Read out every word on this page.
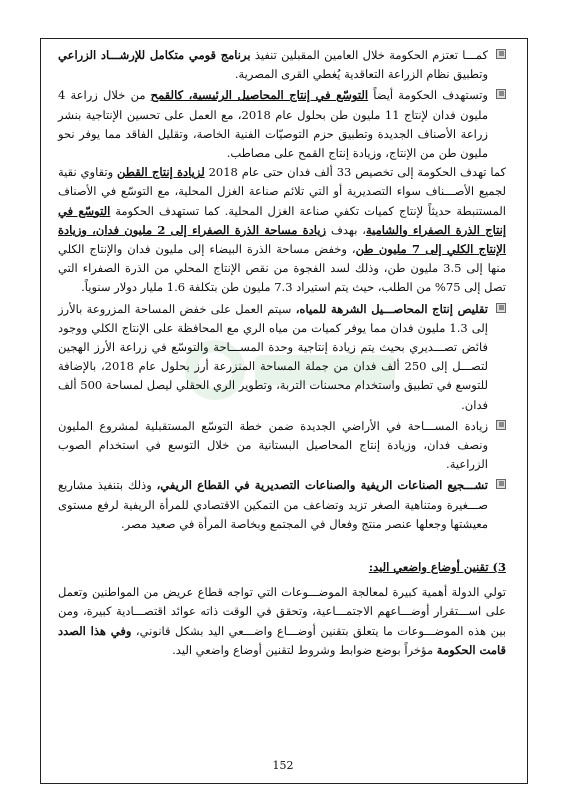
كمـــا تعتزم الحكومة خلال العامين المقبلين تنفيذ برنامج قومي متكامل للإرشـــاد الزراعي وتطبيق نظام الزراعة التعاقدية يُغطي القرى المصرية.

وتستهدف الحكومة أيضاً التوسّع في إنتاج المحاصيل الرئيسية، كالقمح من خلال زراعة 4 مليون فدان لإنتاج 11 مليون طن بحلول عام 2018، مع العمل على تحسين الإنتاجية بنشر زراعة الأصناف الجديدة وتطبيق حزم التوصيّات الفنية الخاصة، وتقليل الفاقد مما يوفر نحو مليون طن من الإنتاج، وزيادة إنتاج القمح على مصاطب.

كما تهدف الحكومة إلى تخصيص 33 ألف فدان حتى عام 2018 لزيادة إنتاج القطن وتقاوي نقية لجميع الأصـــناف سواء التصديرية أو التي تلائم صناعة الغزل المحلية، مع التوسّع في الأصناف المستنبطة حديثاً لإنتاج كميات تكفي صناعة الغزل المحلية. كما تستهدف الحكومة التوسّع في إنتاج الذرة الصفراء والشامية، بهدف زيادة مساحة الذرة الصفراء إلى 2 مليون فدان، وزيادة الإنتاج الكلي إلى 7 مليون طن، وخفض مساحة الذرة البيضاء إلى مليون فدان والإنتاج الكلي منها إلى 3.5 مليون طن، وذلك لسد الفجوة من نقص الإنتاج المحلي من الذرة الصفراء التي تصل إلى 75% من الطلب، حيث يتم استيراد 7.3 مليون طن بتكلفة 1.6 مليار دولار سنوياً.

تقليص إنتاج المحاصـــيل الشرهة للمياه، سيتم العمل على خفض المساحة المزروعة بالأرز إلى 1.3 مليون فدان مما يوفر كميات من مياه الري مع المحافظة على الإنتاج الكلي ووجود فائض تصـــديري بحيث يتم زيادة إنتاجية وحدة المســـاحة والتوسّع في زراعة الأرز الهجين لتصـــل إلى 250 ألف فدان من جملة المساحة المنزرعة أرز بحلول عام 2018، بالإضافة للتوسع في تطبيق واستخدام محسنات التربة، وتطوير الري الحقلي ليصل لمساحة 500 ألف فدان.

زيادة المســـاحة في الأراضي الجديدة ضمن خطة التوسّع المستقبلية لمشروع المليون ونصف فدان، وزيادة إنتاج المحاصيل البستانية من خلال التوسع في استخدام الصوب الزراعية.

تشـــجيع الصناعات الريفية والصناعات التصديرية في القطاع الريفي، وذلك بتنفيذ مشاريع صـــغيرة ومتناهية الصغر تزيد وتضاعف من التمكين الاقتصادي للمرأة الريفية لرفع مستوى معيشتها وجعلها عنصر منتج وفعال في المجتمع وبخاصة المرأة في صعيد مصر.

3) تقنين أوضاع واضعي اليد:

تولي الدولة أهمية كبيرة لمعالجة الموضـــوعات التي تواجه قطاع عريض من المواطنين وتعمل على اســـتقرار أوضـــاعهم الاجتمـــاعية، وتحقق في الوقت ذاته عوائد اقتصـــادية كبيرة، ومن بين هذه الموضـــوعات ما يتعلق بتقنين أوضـــاع واضـــعي اليد بشكل قانوني، وفي هذا الصدد قامت الحكومة مؤخراً بوضع ضوابط وشروط لتقنين أوضاع واضعي اليد.

152
